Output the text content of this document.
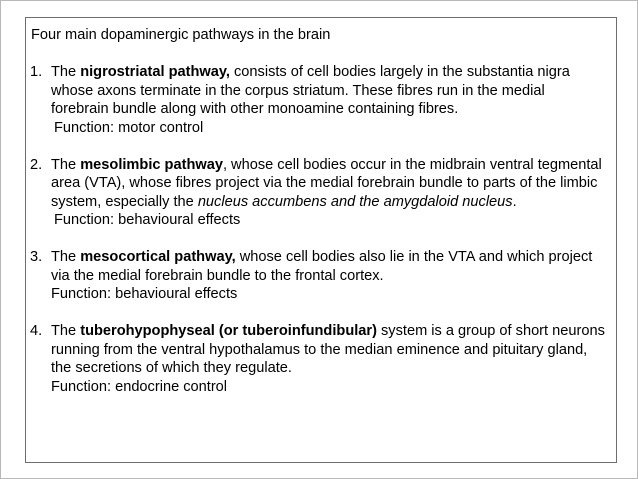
Four main dopaminergic pathways in the brain
1. The nigrostriatal pathway, consists of cell bodies largely in the substantia nigra whose axons terminate in the corpus striatum. These fibres run in the medial forebrain bundle along with other monoamine containing fibres.
Function: motor control
2. The mesolimbic pathway, whose cell bodies occur in the midbrain ventral tegmental area (VTA), whose fibres project via the medial forebrain bundle to parts of the limbic system, especially the nucleus accumbens and the amygdaloid nucleus.
Function: behavioural effects
3. The mesocortical pathway, whose cell bodies also lie in the VTA and which project via the medial forebrain bundle to the frontal cortex.
Function: behavioural effects
4. The tuberohypophyseal (or tuberoinfundibular) system is a group of short neurons running from the ventral hypothalamus to the median eminence and pituitary gland, the secretions of which they regulate.
Function: endocrine control
